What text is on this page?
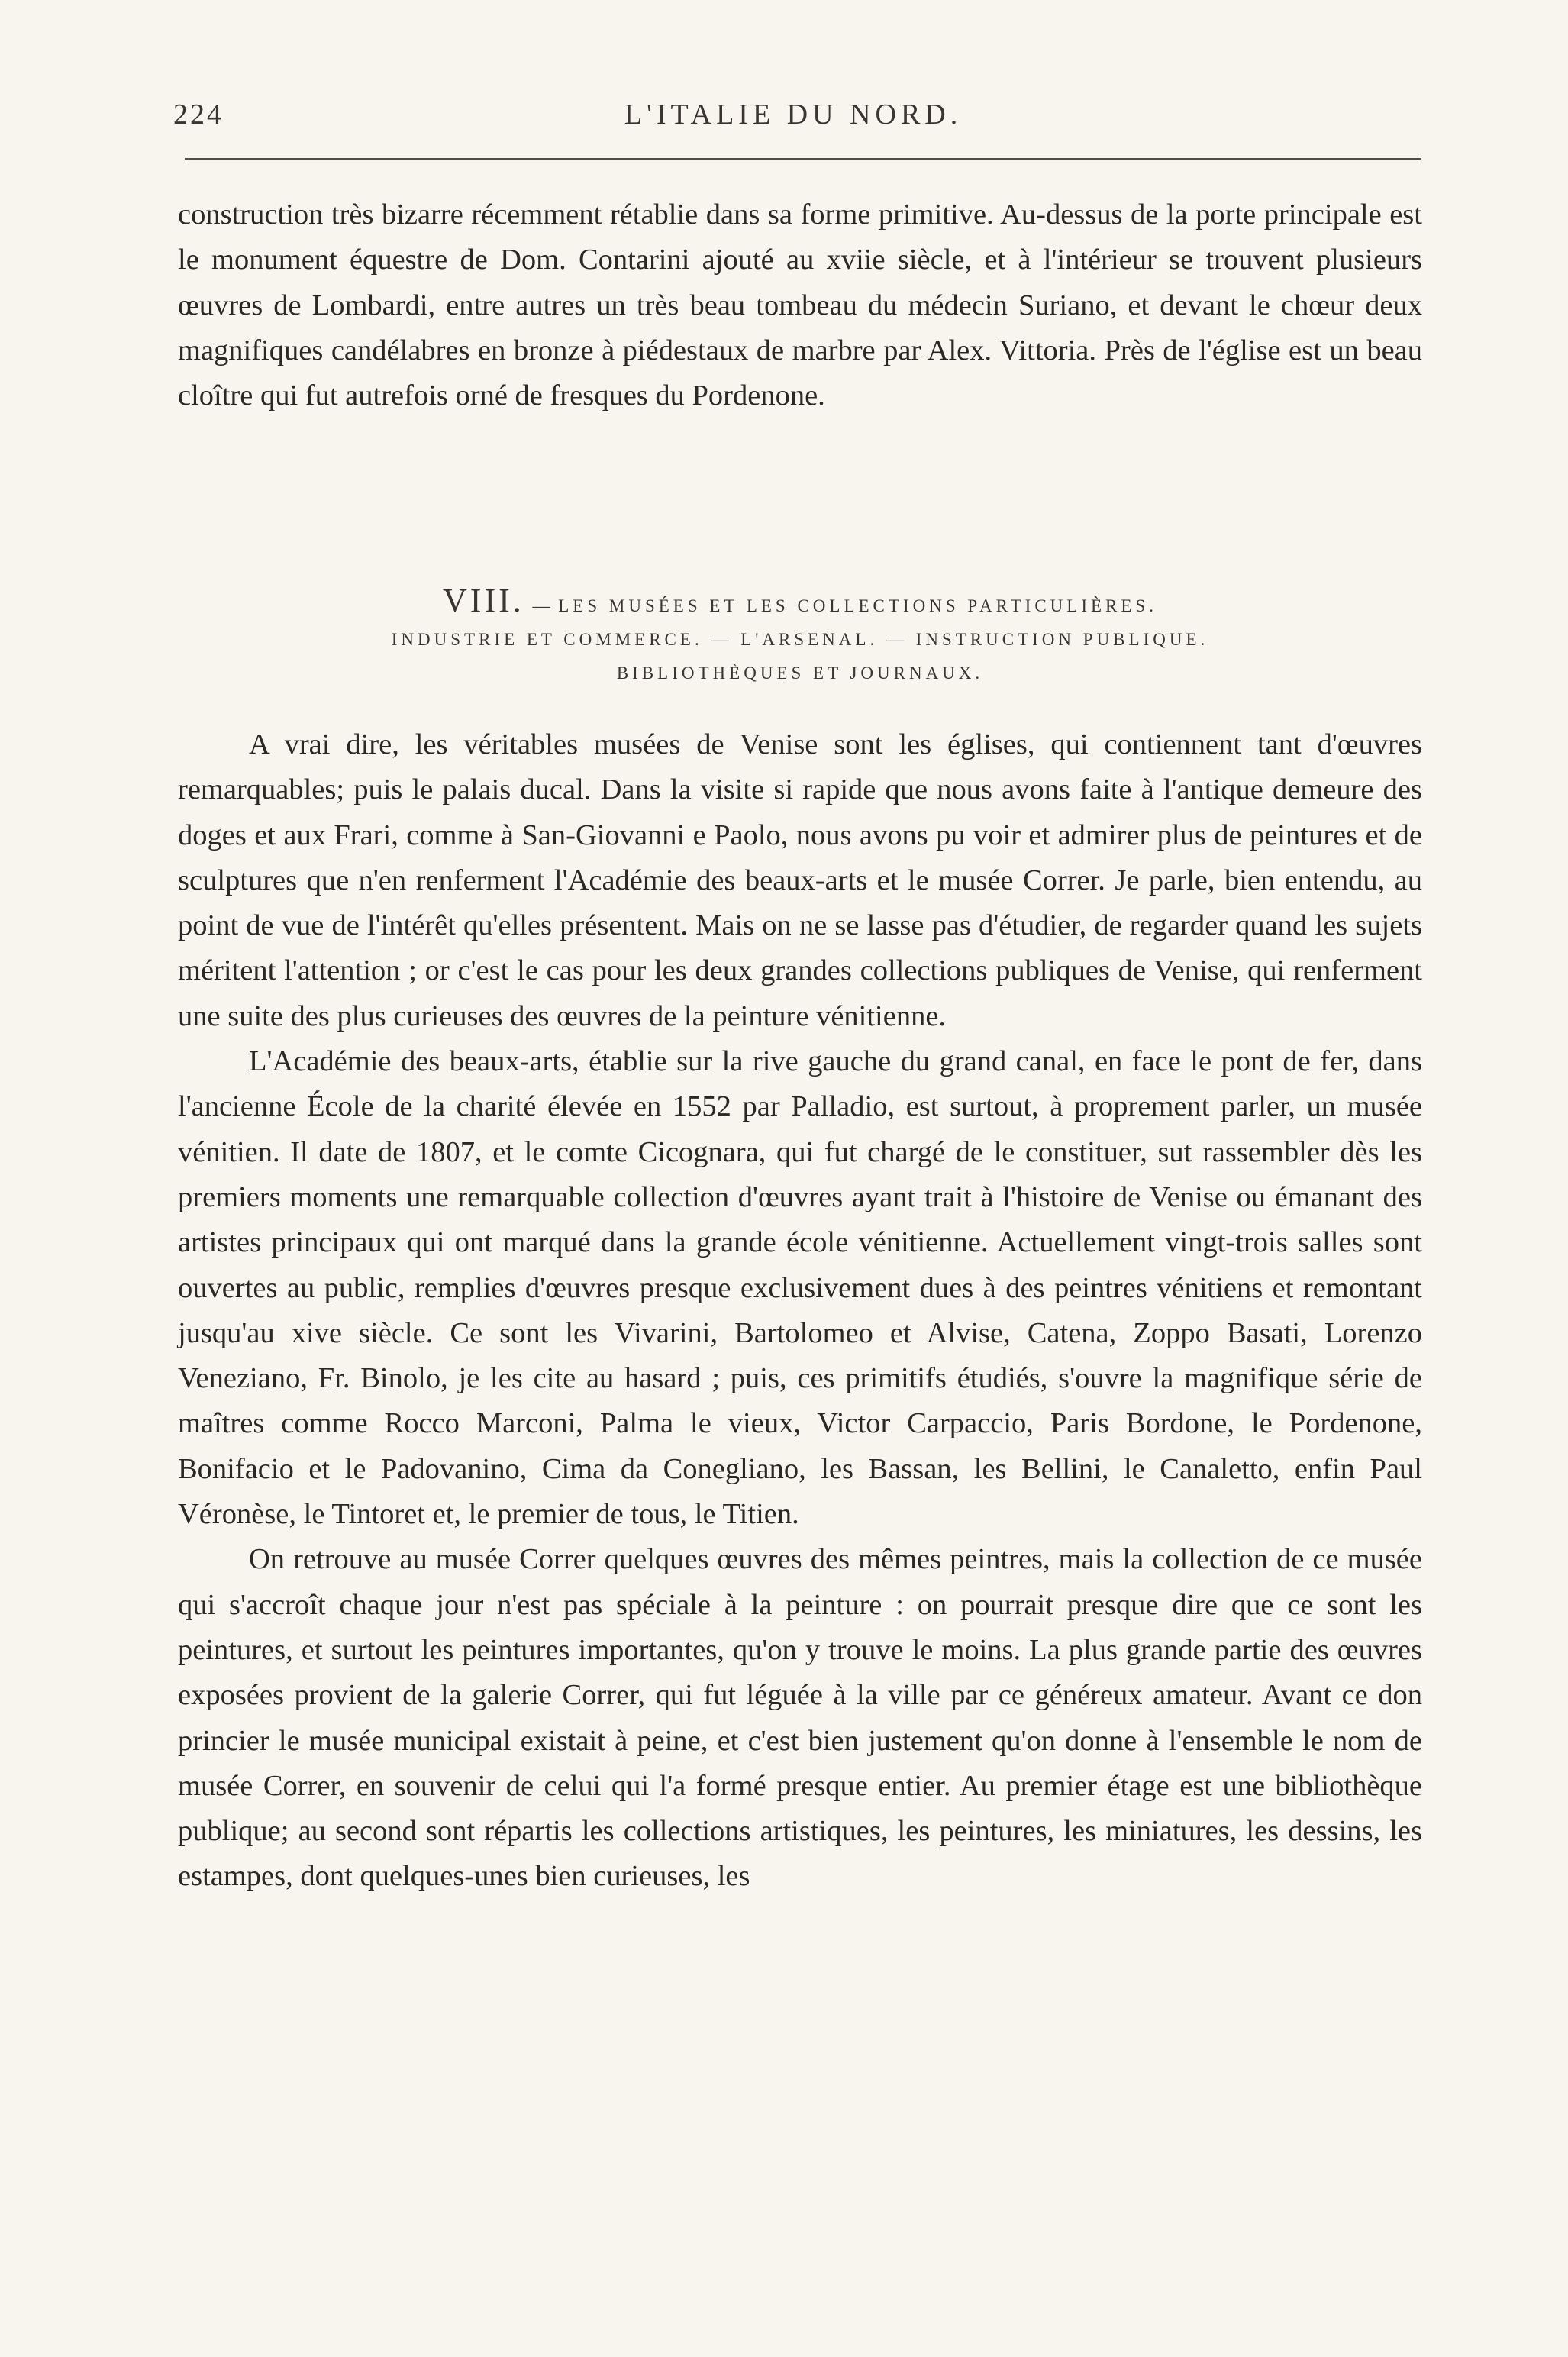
224	L'ITALIE DU NORD.

construction très bizarre récemment rétablie dans sa forme primitive. Au-dessus de la porte principale est le monument équestre de Dom. Contarini ajouté au xviie siècle, et à l'intérieur se trouvent plusieurs œuvres de Lombardi, entre autres un très beau tombeau du médecin Suriano, et devant le chœur deux magnifiques candélabres en bronze à piédestaux de marbre par Alex. Vittoria. Près de l'église est un beau cloître qui fut autrefois orné de fresques du Pordenone.

VIII. — LES MUSÉES ET LES COLLECTIONS PARTICULIÈRES.
INDUSTRIE ET COMMERCE. — L'ARSENAL. — INSTRUCTION PUBLIQUE.
BIBLIOTHÈQUES ET JOURNAUX.

A vrai dire, les véritables musées de Venise sont les églises, qui contiennent tant d'œuvres remarquables; puis le palais ducal. Dans la visite si rapide que nous avons faite à l'antique demeure des doges et aux Frari, comme à San-Giovanni e Paolo, nous avons pu voir et admirer plus de peintures et de sculptures que n'en renferment l'Académie des beaux-arts et le musée Correr. Je parle, bien entendu, au point de vue de l'intérêt qu'elles présentent. Mais on ne se lasse pas d'étudier, de regarder quand les sujets méritent l'attention ; or c'est le cas pour les deux grandes collections publiques de Venise, qui renferment une suite des plus curieuses des œuvres de la peinture vénitienne.

L'Académie des beaux-arts, établie sur la rive gauche du grand canal, en face le pont de fer, dans l'ancienne École de la charité élevée en 1552 par Palladio, est surtout, à proprement parler, un musée vénitien. Il date de 1807, et le comte Cicognara, qui fut chargé de le constituer, sut rassembler dès les premiers moments une remarquable collection d'œuvres ayant trait à l'histoire de Venise ou émanant des artistes principaux qui ont marqué dans la grande école vénitienne. Actuellement vingt-trois salles sont ouvertes au public, remplies d'œuvres presque exclusivement dues à des peintres vénitiens et remontant jusqu'au xive siècle. Ce sont les Vivarini, Bartolomeo et Alvise, Catena, Zoppo Basati, Lorenzo Veneziano, Fr. Binolo, je les cite au hasard ; puis, ces primitifs étudiés, s'ouvre la magnifique série de maîtres comme Rocco Marconi, Palma le vieux, Victor Carpaccio, Paris Bordone, le Pordenone, Bonifacio et le Padovanino, Cima da Conegliano, les Bassan, les Bellini, le Canaletto, enfin Paul Véronèse, le Tintoret et, le premier de tous, le Titien.

On retrouve au musée Correr quelques œuvres des mêmes peintres, mais la collection de ce musée qui s'accroît chaque jour n'est pas spéciale à la peinture : on pourrait presque dire que ce sont les peintures, et surtout les peintures importantes, qu'on y trouve le moins. La plus grande partie des œuvres exposées provient de la galerie Correr, qui fut léguée à la ville par ce généreux amateur. Avant ce don princier le musée municipal existait à peine, et c'est bien justement qu'on donne à l'ensemble le nom de musée Correr, en souvenir de celui qui l'a formé presque entier. Au premier étage est une bibliothèque publique; au second sont répartis les collections artistiques, les peintures, les miniatures, les dessins, les estampes, dont quelques-unes bien curieuses, les
